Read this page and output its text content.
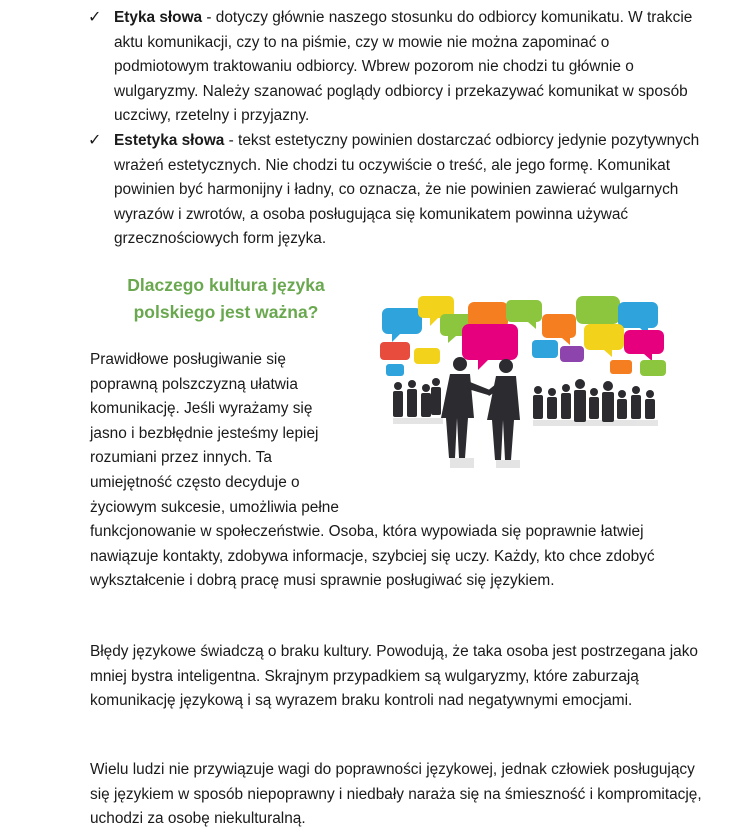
✓ Etyka słowa - dotyczy głównie naszego stosunku do odbiorcy komunikatu. W trakcie aktu komunikacji, czy to na piśmie, czy w mowie nie można zapominać o podmiotowym traktowaniu odbiorcy. Wbrew pozorom nie chodzi tu głównie o wulgaryzmy. Należy szanować poglądy odbiorcy i przekazywać komunikat w sposób uczciwy, rzetelny i przyjazny.
✓ Estetyka słowa - tekst estetyczny powinien dostarczać odbiorcy jedynie pozytywnych wrażeń estetycznych. Nie chodzi tu oczywiście o treść, ale jego formę. Komunikat powinien być harmonijny i ładny, co oznacza, że nie powinien zawierać wulgarnych wyrazów i zwrotów, a osoba posługująca się komunikatem powinna używać grzecznościowych form języka.
Dlaczego kultura języka
polskiego jest ważna?

Prawidłowe posługiwanie się
poprawną polszczyzną ułatwia
komunikację. Jeśli wyrażamy się
jasno i bezbłędnie jesteśmy lepiej
rozumiani przez innych. Ta
umiejętność często decyduje o
życiowym sukcesie, umożliwia pełne
funkcjonowanie w społeczeństwie. Osoba, która wypowiada się poprawnie łatwiej nawiązuje kontakty, zdobywa informacje, szybciej się uczy. Każdy, kto chce zdobyć wykształcenie i dobrą pracę musi sprawnie posługiwać się językiem.

Błędy językowe świadczą o braku kultury. Powodują, że taka osoba jest postrzegana jako mniej bystra inteligentna. Skrajnym przypadkiem są wulgaryzmy, które zaburzają komunikację językową i są wyrazem braku kontroli nad negatywnymi emocjami.

Wielu ludzi nie przywiązuje wagi do poprawności językowej, jednak człowiek posługujący się językiem w sposób niepoprawny i niedbały naraża się na śmieszność i kompromitację, uchodzi za osobę niekulturalną.
